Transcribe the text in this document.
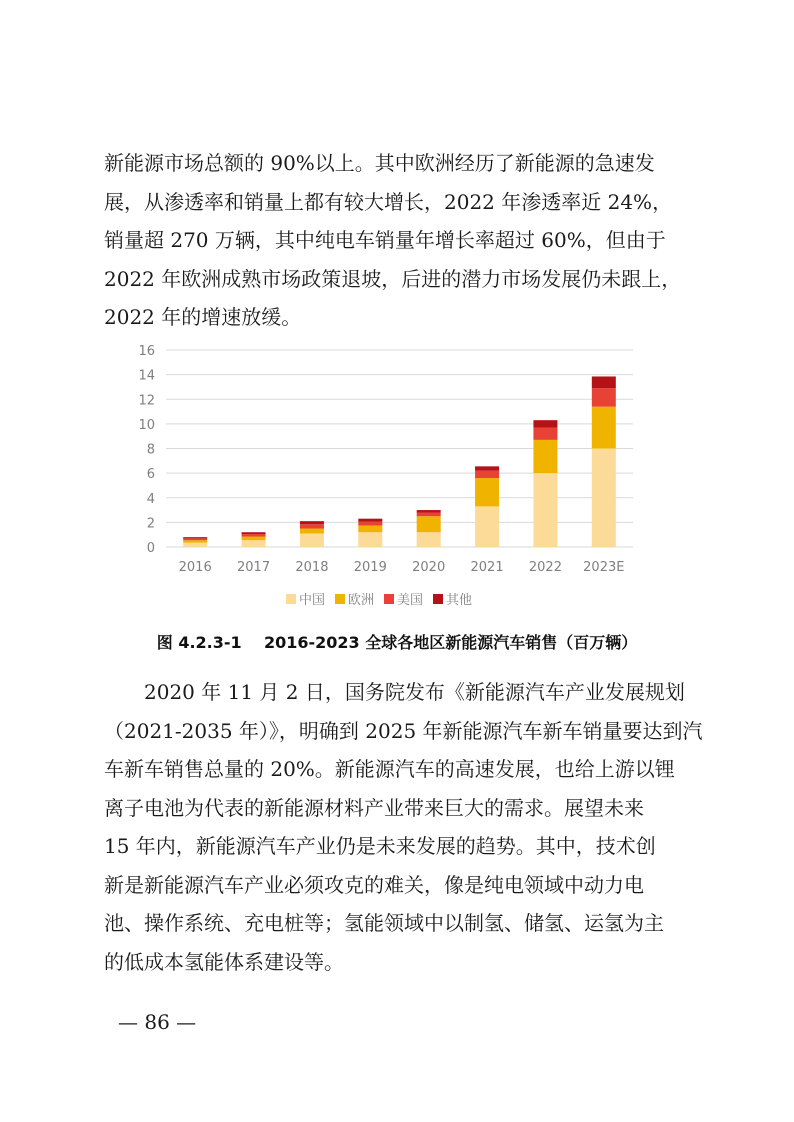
新能源市场总额的 90%以上。其中欧洲经历了新能源的急速发
展，从渗透率和销量上都有较大增长，2022 年渗透率近 24%，
销量超 270 万辆，其中纯电车销量年增长率超过 60%，但由于
2022 年欧洲成熟市场政策退坡，后进的潜力市场发展仍未跟上，
2022 年的增速放缓。
0
2
4
6
8
10
12
14
16
2016 2017 2018 2019 2020 2021 2022 2023E
中国 欧洲 美国 其他
图 4.2.3-1    2016-2023 全球各地区新能源汽车销售（百万辆）
2020 年 11 月 2 日，国务院发布《新能源汽车产业发展规划
（2021-2035 年）》，明确到 2025 年新能源汽车新车销量要达到汽
车新车销售总量的 20%。新能源汽车的高速发展，也给上游以锂
离子电池为代表的新能源材料产业带来巨大的需求。展望未来
15 年内，新能源汽车产业仍是未来发展的趋势。其中，技术创
新是新能源汽车产业必须攻克的难关，像是纯电领域中动力电
池、操作系统、充电桩等；氢能领域中以制氢、储氢、运氢为主
的低成本氢能体系建设等。
— 86 —
